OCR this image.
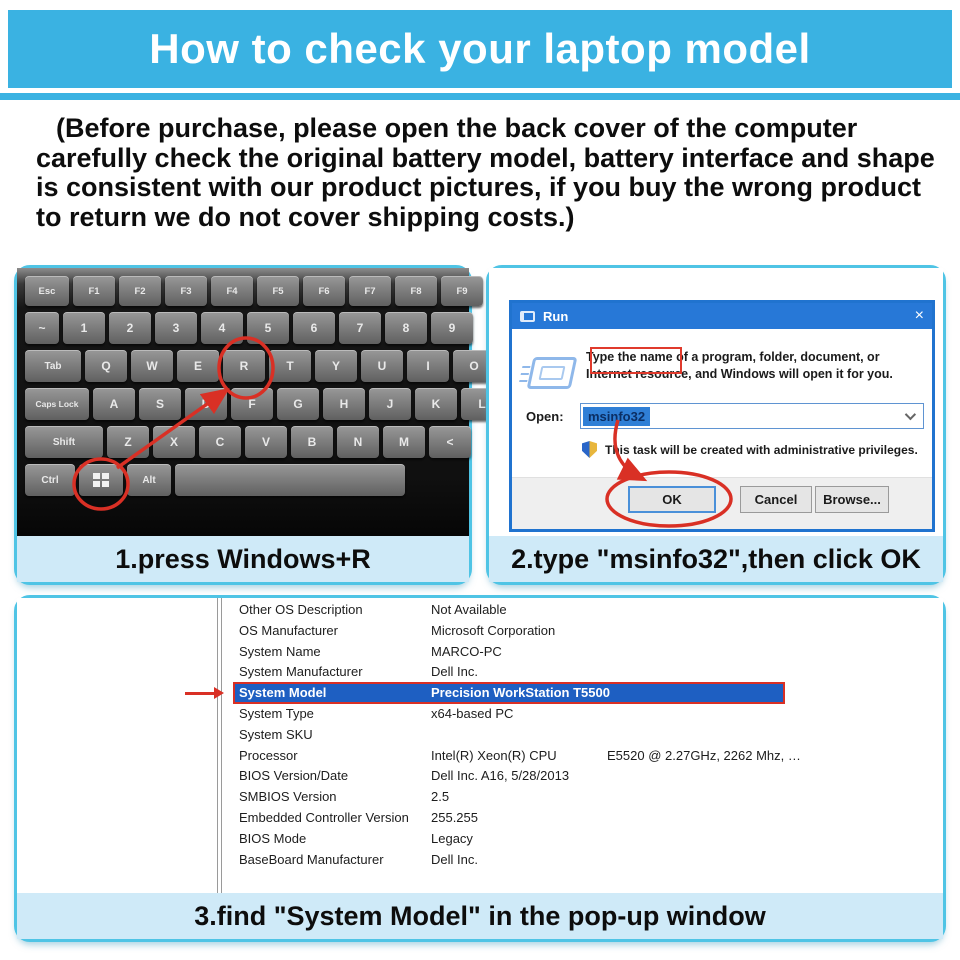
How to check your laptop model

(Before purchase, please open the back cover of the computer carefully check the original battery model, battery interface and shape is consistent with our product pictures, if you buy the wrong product to return we do not cover shipping costs.)

Esc	F1	F2	F3	F4	F5	F6	F7	F8	F9
~	1	2	3	4	5	6	7	8	9
Tab	Q	W	E	R	T	Y	U	I	O
Caps Lock	A	S	D	F	G	H	J	K	L
Shift	Z	X	C	V	B	N	M	<
Ctrl	Alt
1.press Windows+R
Run	×
Type the name of a program, folder, document, or Internet resource, and Windows will open it for you.
Open:	msinfo32
This task will be created with administrative privileges.
OK	Cancel	Browse...
2.type "msinfo32",then click OK
Other OS Description	Not Available
OS Manufacturer	Microsoft Corporation
System Name	MARCO-PC
System Manufacturer	Dell Inc.
System Model	Precision WorkStation T5500
System Type	x64-based PC
System SKU
Processor	Intel(R) Xeon(R) CPU	E5520 @ 2.27GHz, 2262 Mhz, …
BIOS Version/Date	Dell Inc. A16, 5/28/2013
SMBIOS Version	2.5
Embedded Controller Version 255.255
BIOS Mode	Legacy
BaseBoard Manufacturer	Dell Inc.
3.find "System Model" in the pop-up window
